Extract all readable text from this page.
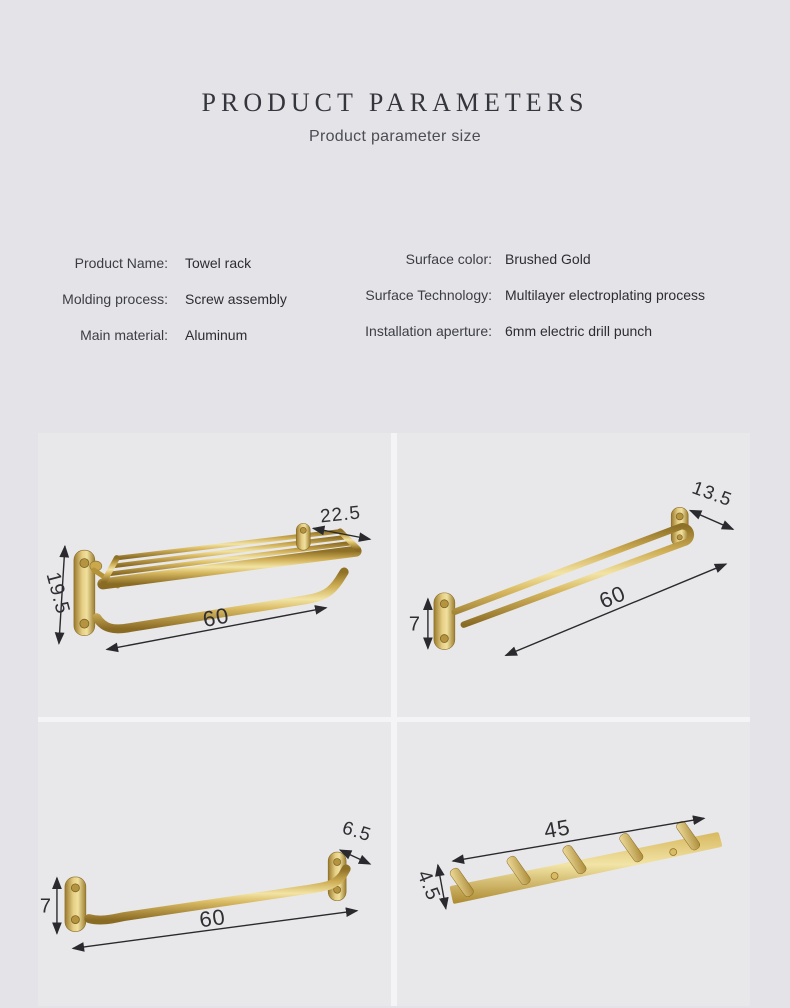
PRODUCT PARAMETERS

Product parameter size

Product Name: Towel rack
Molding process: Screw assembly
Main material: Aluminum
Surface color: Brushed Gold
Surface Technology: Multilayer electroplating process
Installation aperture: 6mm electric drill punch
19.5
22.5
60
13.5
7
60
6.5
7	60
45
4.5
